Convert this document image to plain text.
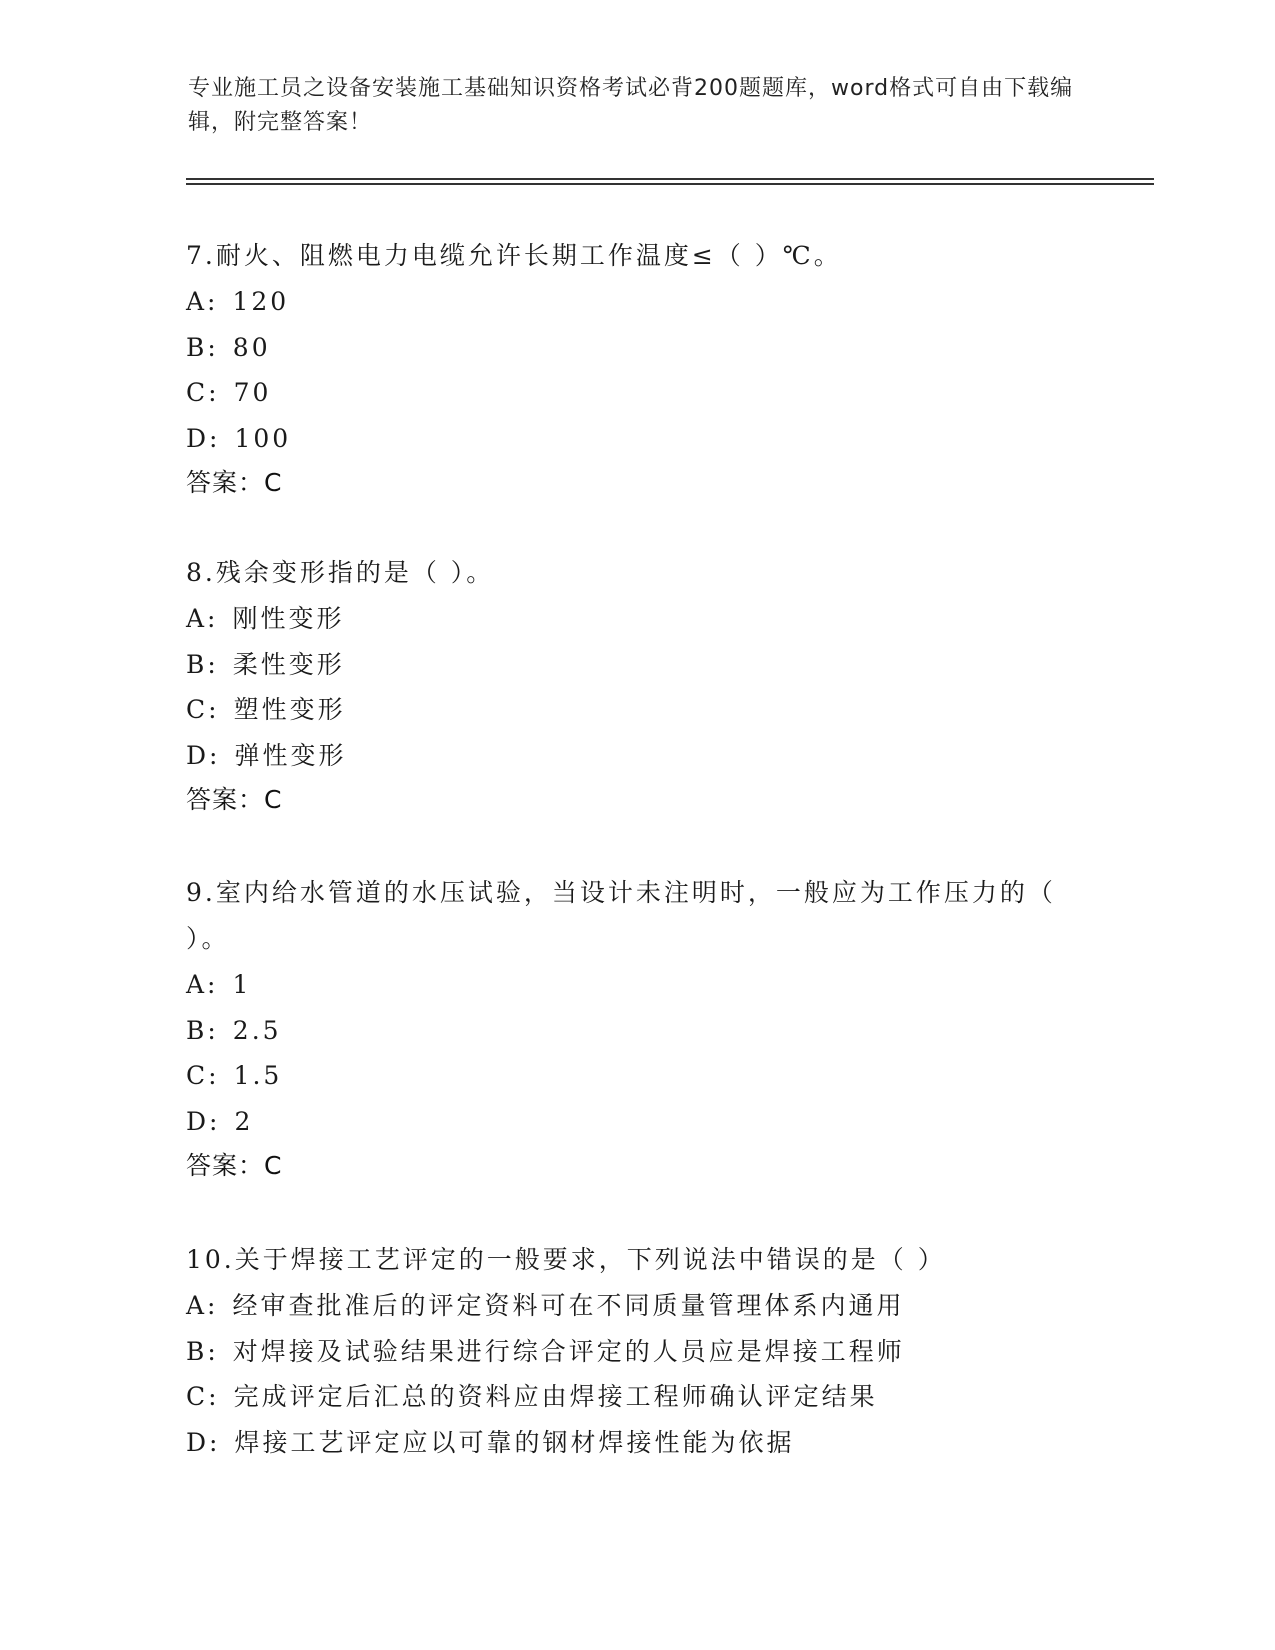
专业施工员之设备安装施工基础知识资格考试必背200题题库，word格式可自由下载编辑，附完整答案！
7.耐火、阻燃电力电缆允许长期工作温度≤（ ）℃。
A: 120
B: 80
C: 70
D: 100
答案：C
8.残余变形指的是（ ）。
A: 刚性变形
B: 柔性变形
C: 塑性变形
D: 弹性变形
答案：C
9.室内给水管道的水压试验，当设计未注明时，一般应为工作压力的（ ）。
A: 1
B: 2.5
C: 1.5
D: 2
答案：C
10.关于焊接工艺评定的一般要求，下列说法中错误的是（ ）
A: 经审查批准后的评定资料可在不同质量管理体系内通用
B: 对焊接及试验结果进行综合评定的人员应是焊接工程师
C: 完成评定后汇总的资料应由焊接工程师确认评定结果
D: 焊接工艺评定应以可靠的钢材焊接性能为依据
